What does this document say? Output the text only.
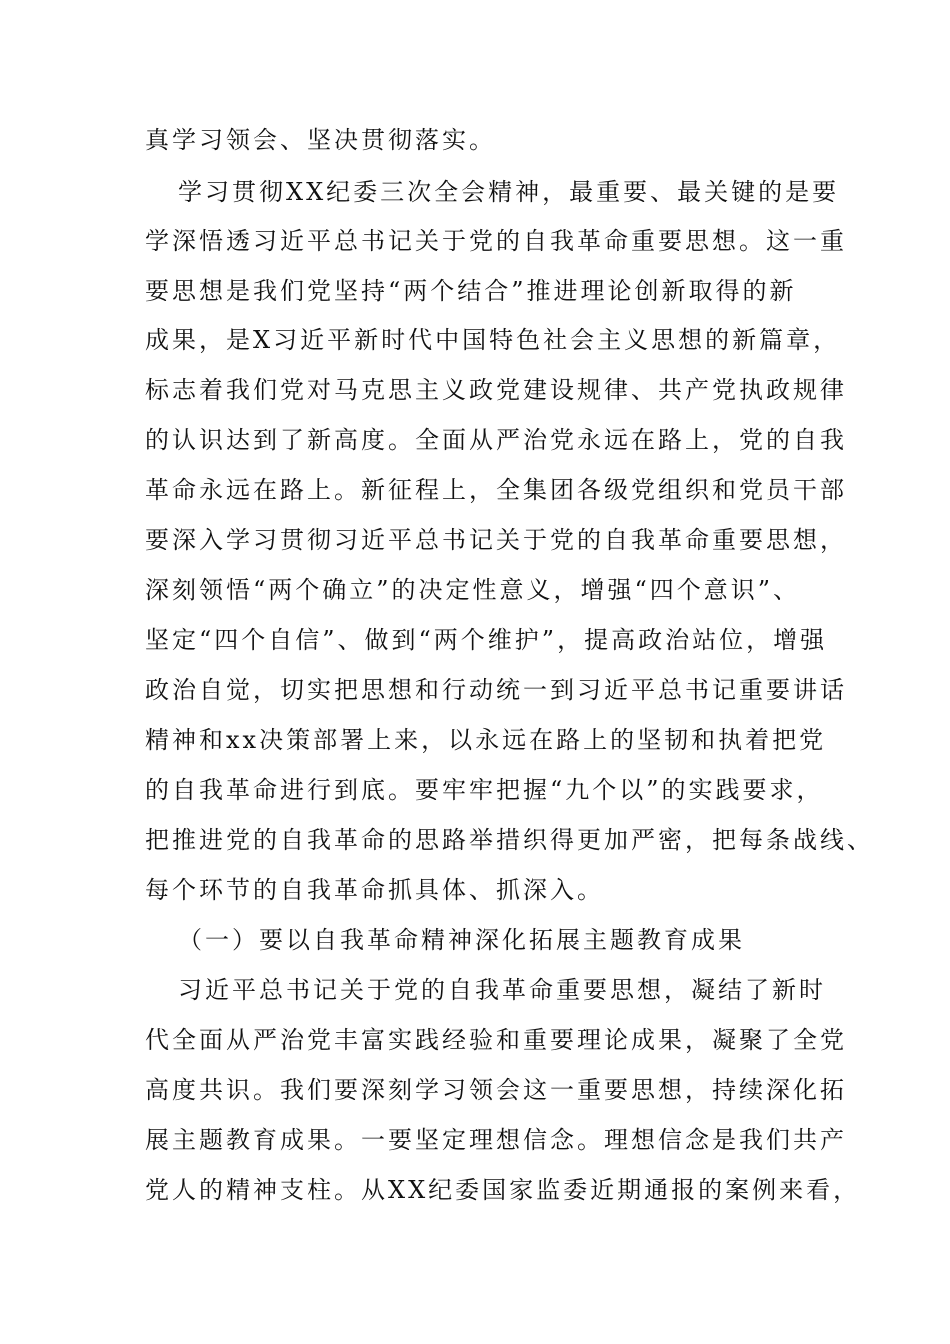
真学习领会、坚决贯彻落实。
学习贯彻XX纪委三次全会精神，最重要、最关键的是要
学深悟透习近平总书记关于党的自我革命重要思想。这一重
要思想是我们党坚持“两个结合”推进理论创新取得的新
成果，是X习近平新时代中国特色社会主义思想的新篇章，
标志着我们党对马克思主义政党建设规律、共产党执政规律
的认识达到了新高度。全面从严治党永远在路上，党的自我
革命永远在路上。新征程上，全集团各级党组织和党员干部
要深入学习贯彻习近平总书记关于党的自我革命重要思想，
深刻领悟“两个确立”的决定性意义，增强“四个意识”、
坚定“四个自信”、做到“两个维护”，提高政治站位，增强
政治自觉，切实把思想和行动统一到习近平总书记重要讲话
精神和xx决策部署上来，以永远在路上的坚韧和执着把党
的自我革命进行到底。要牢牢把握“九个以”的实践要求，
把推进党的自我革命的思路举措织得更加严密，把每条战线、
每个环节的自我革命抓具体、抓深入。
（一）要以自我革命精神深化拓展主题教育成果
习近平总书记关于党的自我革命重要思想，凝结了新时
代全面从严治党丰富实践经验和重要理论成果，凝聚了全党
高度共识。我们要深刻学习领会这一重要思想，持续深化拓
展主题教育成果。一要坚定理想信念。理想信念是我们共产
党人的精神支柱。从XX纪委国家监委近期通报的案例来看，
